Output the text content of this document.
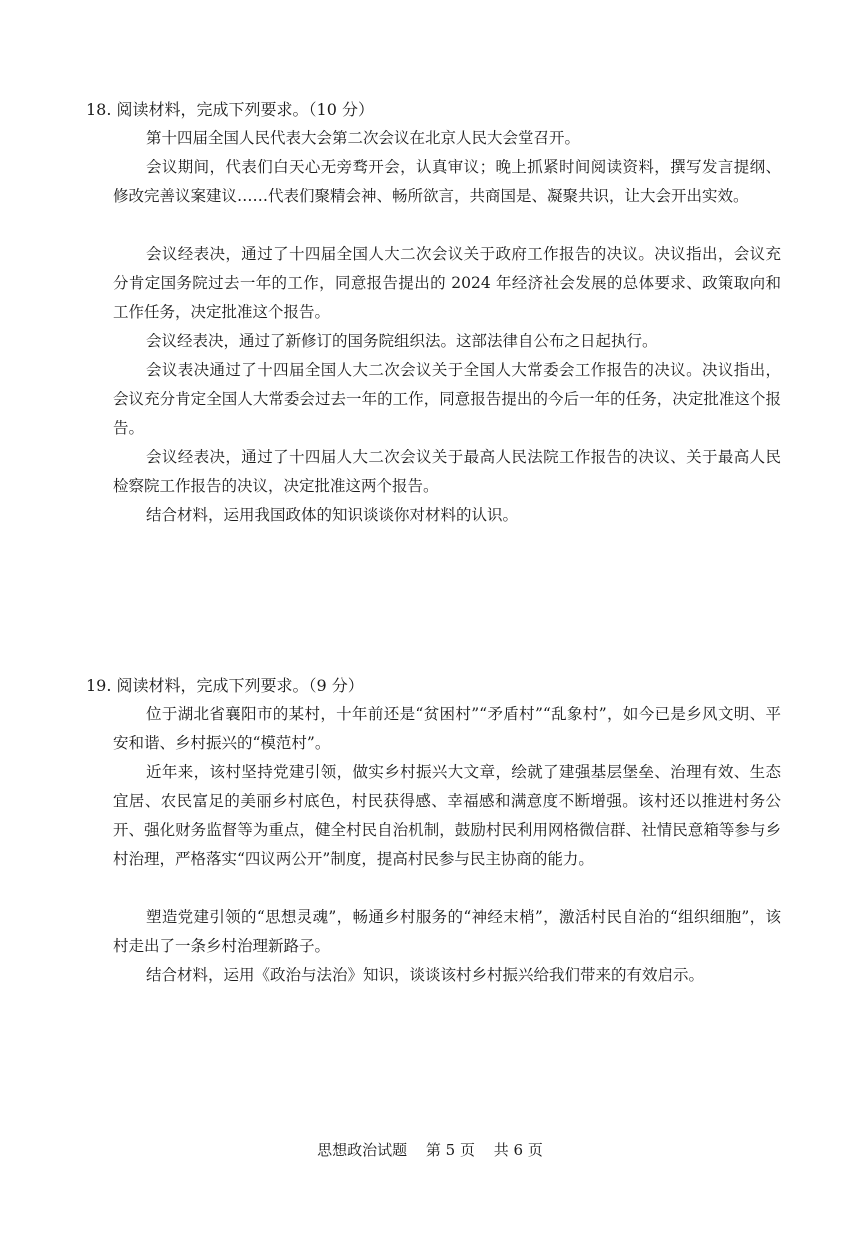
18. 阅读材料，完成下列要求。（10 分）
第十四届全国人民代表大会第二次会议在北京人民大会堂召开。
会议期间，代表们白天心无旁骛开会，认真审议；晚上抓紧时间阅读资料，撰写发言提纲、修改完善议案建议……代表们聚精会神、畅所欲言，共商国是、凝聚共识，让大会开出实效。
会议经表决，通过了十四届全国人大二次会议关于政府工作报告的决议。决议指出，会议充分肯定国务院过去一年的工作，同意报告提出的 2024 年经济社会发展的总体要求、政策取向和工作任务，决定批准这个报告。
会议经表决，通过了新修订的国务院组织法。这部法律自公布之日起执行。
会议表决通过了十四届全国人大二次会议关于全国人大常委会工作报告的决议。决议指出，会议充分肯定全国人大常委会过去一年的工作，同意报告提出的今后一年的任务，决定批准这个报告。
会议经表决，通过了十四届人大二次会议关于最高人民法院工作报告的决议、关于最高人民检察院工作报告的决议，决定批准这两个报告。
结合材料，运用我国政体的知识谈谈你对材料的认识。
19. 阅读材料，完成下列要求。（9 分）
位于湖北省襄阳市的某村，十年前还是“贫困村”“矛盾村”“乱象村”，如今已是乡风文明、平安和谐、乡村振兴的“模范村”。
近年来，该村坚持党建引领，做实乡村振兴大文章，绘就了建强基层堡垒、治理有效、生态宜居、农民富足的美丽乡村底色，村民获得感、幸福感和满意度不断增强。该村还以推进村务公开、强化财务监督等为重点，健全村民自治机制，鼓励村民利用网格微信群、社情民意箱等参与乡村治理，严格落实“四议两公开”制度，提高村民参与民主协商的能力。
塑造党建引领的“思想灵魂”，畅通乡村服务的“神经末梢”，激活村民自治的“组织细胞”，该村走出了一条乡村治理新路子。
结合材料，运用《政治与法治》知识，谈谈该村乡村振兴给我们带来的有效启示。
思想政治试题 第 5 页 共 6 页
